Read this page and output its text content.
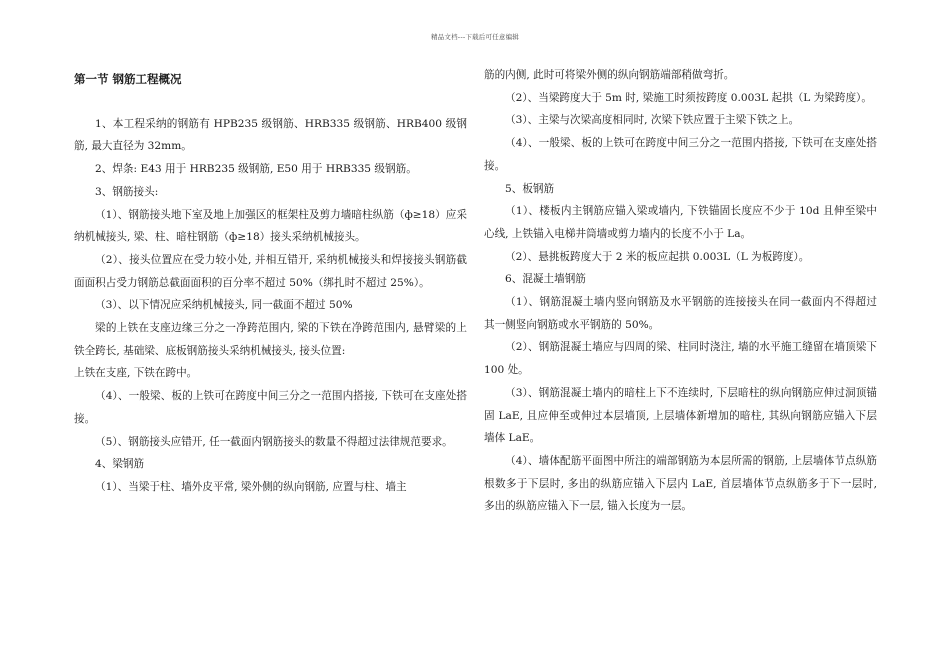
精品文档---下载后可任意编辑
第一节 钢筋工程概况

1、本工程采纳的钢筋有 HPB235 级钢筋、HRB335 级钢筋、HRB400 级钢筋, 最大直径为 32mm。

2、焊条: E43 用于 HRB235 级钢筋, E50 用于 HRB335 级钢筋。

3、钢筋接头:

（1）、钢筋接头地下室及地上加强区的框架柱及剪力墙暗柱纵筋（ф≥18）应采纳机械接头, 梁、柱、暗柱钢筋（ф≥18）接头采纳机械接头。

（2）、接头位置应在受力较小处, 并相互错开, 采纳机械接头和焊接接头钢筋截面面积占受力钢筋总截面面积的百分率不超过 50%（绑扎时不超过 25%）。

（3）、以下情况应采纳机械接头, 同一截面不超过 50%

梁的上铁在支座边缘三分之一净跨范围内, 梁的下铁在净跨范围内, 悬臂梁的上铁全跨长, 基础梁、底板钢筋接头采纳机械接头, 接头位置:

上铁在支座, 下铁在跨中。

（4）、一般梁、板的上铁可在跨度中间三分之一范围内搭接, 下铁可在支座处搭接。

（5）、钢筋接头应错开, 任一截面内钢筋接头的数量不得超过法律规范要求。

4、梁钢筋

（1）、当梁于柱、墙外皮平常, 梁外侧的纵向钢筋, 应置与柱、墙主

筋的内侧, 此时可将梁外侧的纵向钢筋端部稍做弯折。

（2）、当梁跨度大于 5m 时, 梁施工时须按跨度 0.003L 起拱（L 为梁跨度）。

（3）、主梁与次梁高度相同时, 次梁下铁应置于主梁下铁之上。

（4）、一般梁、板的上铁可在跨度中间三分之一范围内搭接, 下铁可在支座处搭接。

5、板钢筋

（1）、楼板内主钢筋应锚入梁或墙内, 下铁锚固长度应不少于 10d 且伸至梁中心线, 上铁锚入电梯井筒墙或剪力墙内的长度不小于 La。

（2）、悬挑板跨度大于 2 米的板应起拱 0.003L（L 为板跨度）。

6、混凝土墙钢筋

（1）、钢筋混凝土墙内竖向钢筋及水平钢筋的连接接头在同一截面内不得超过其一侧竖向钢筋或水平钢筋的 50%。

（2）、钢筋混凝土墙应与四周的梁、柱同时浇注, 墙的水平施工缝留在墙顶梁下 100 处。

（3）、钢筋混凝土墙内的暗柱上下不连续时, 下层暗柱的纵向钢筋应伸过洞顶锚固 LaE, 且应伸至或伸过本层墙顶, 上层墙体新增加的暗柱, 其纵向钢筋应锚入下层墙体 LaE。

（4）、墙体配筋平面图中所注的端部钢筋为本层所需的钢筋, 上层墙体节点纵筋根数多于下层时, 多出的纵筋应锚入下层内 LaE, 首层墙体节点纵筋多于下一层时, 多出的纵筋应锚入下一层, 锚入长度为一层。
